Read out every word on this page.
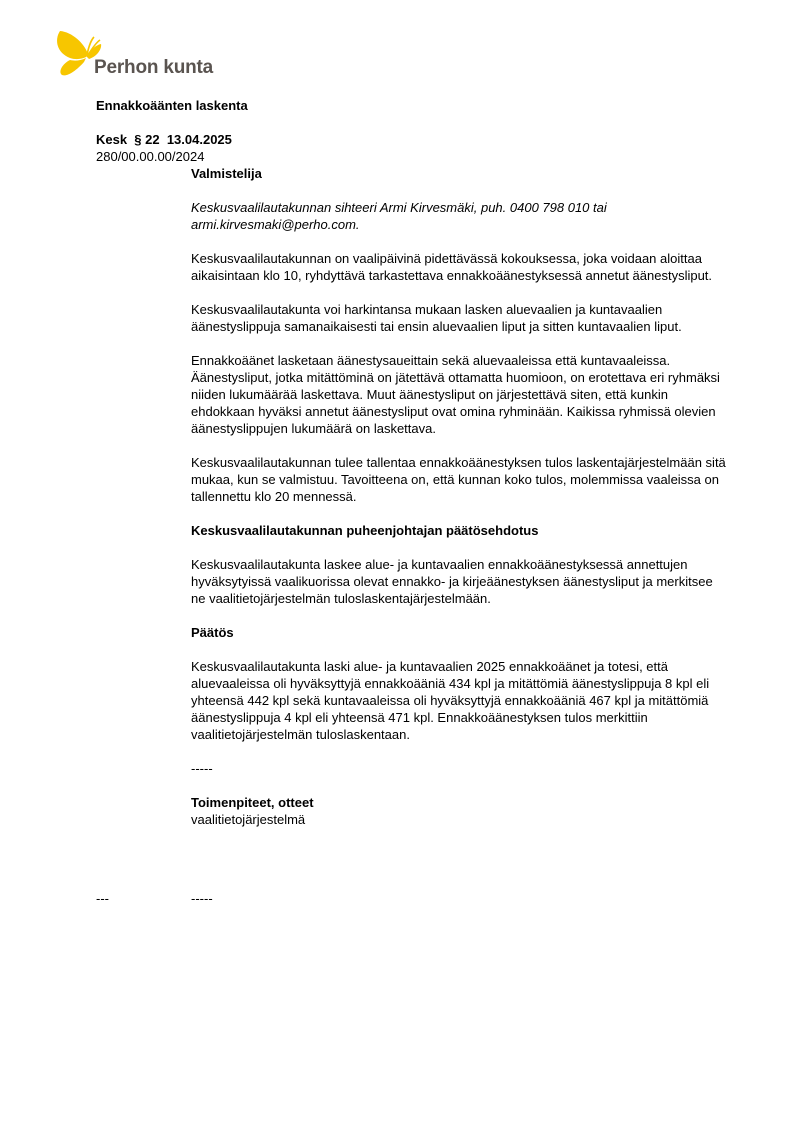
Perhon kunta
Ennakkoäänten laskenta
Kesk  § 22  13.04.2025
280/00.00.00/2024

Valmistelija

Keskusvaalilautakunnan sihteeri Armi Kirvesmäki, puh. 0400 798 010 tai
armi.kirvesmaki@perho.com.

Keskusvaalilautakunnan on vaalipäivinä pidettävässä kokouksessa, joka voidaan aloittaa aikaisintaan klo 10, ryhdyttävä tarkastettava ennakkoäänestyksessä annetut äänestysliput.

Keskusvaalilautakunta voi harkintansa mukaan lasken aluevaalien ja kuntavaalien äänestyslippuja samanaikaisesti tai ensin aluevaalien liput ja sitten kuntavaalien liput.

Ennakkoäänet lasketaan äänestysaueittain sekä aluevaaleissa että kuntavaaleissa. Äänestysliput, jotka mitättöminä on jätettävä ottamatta huomioon, on erotettava eri ryhmäksi niiden lukumäärää laskettava. Muut äänestysliput on järjestettävä siten, että kunkin ehdokkaan hyväksi annetut äänestysliput ovat omina ryhminään. Kaikissa ryhmissä olevien äänestyslippujen lukumäärä on laskettava.

Keskusvaalilautakunnan tulee tallentaa ennakkoäänestyksen tulos laskentajärjestelmään sitä mukaa, kun se valmistuu. Tavoitteena on, että kunnan koko tulos, molemmissa vaaleissa on tallennettu klo 20 mennessä.

Keskusvaalilautakunnan puheenjohtajan päätösehdotus

Keskusvaalilautakunta laskee alue- ja kuntavaalien ennakkoäänestyksessä annettujen hyväksytyissä vaalikuorissa olevat ennakko- ja kirjeäänestyksen äänestysliput ja merkitsee ne vaalitietojärjestelmän tuloslaskentajärjestelmään.

Päätös

Keskusvaalilautakunta laski alue- ja kuntavaalien 2025 ennakkoäänet ja totesi, että aluevaaleissa oli hyväksyttyjä ennakkoääniä 434 kpl ja mitättömiä äänestyslippuja 8 kpl eli yhteensä 442 kpl sekä kuntavaaleissa oli hyväksyttyjä ennakkoääniä 467 kpl ja mitättömiä äänestyslippuja 4 kpl eli yhteensä 471 kpl. Ennakkoäänestyksen tulos merkittiin vaalitietojärjestelmän tuloslaskentaan.

-----

Toimenpiteet, otteet

vaalitietojärjestelmä

---	-----
